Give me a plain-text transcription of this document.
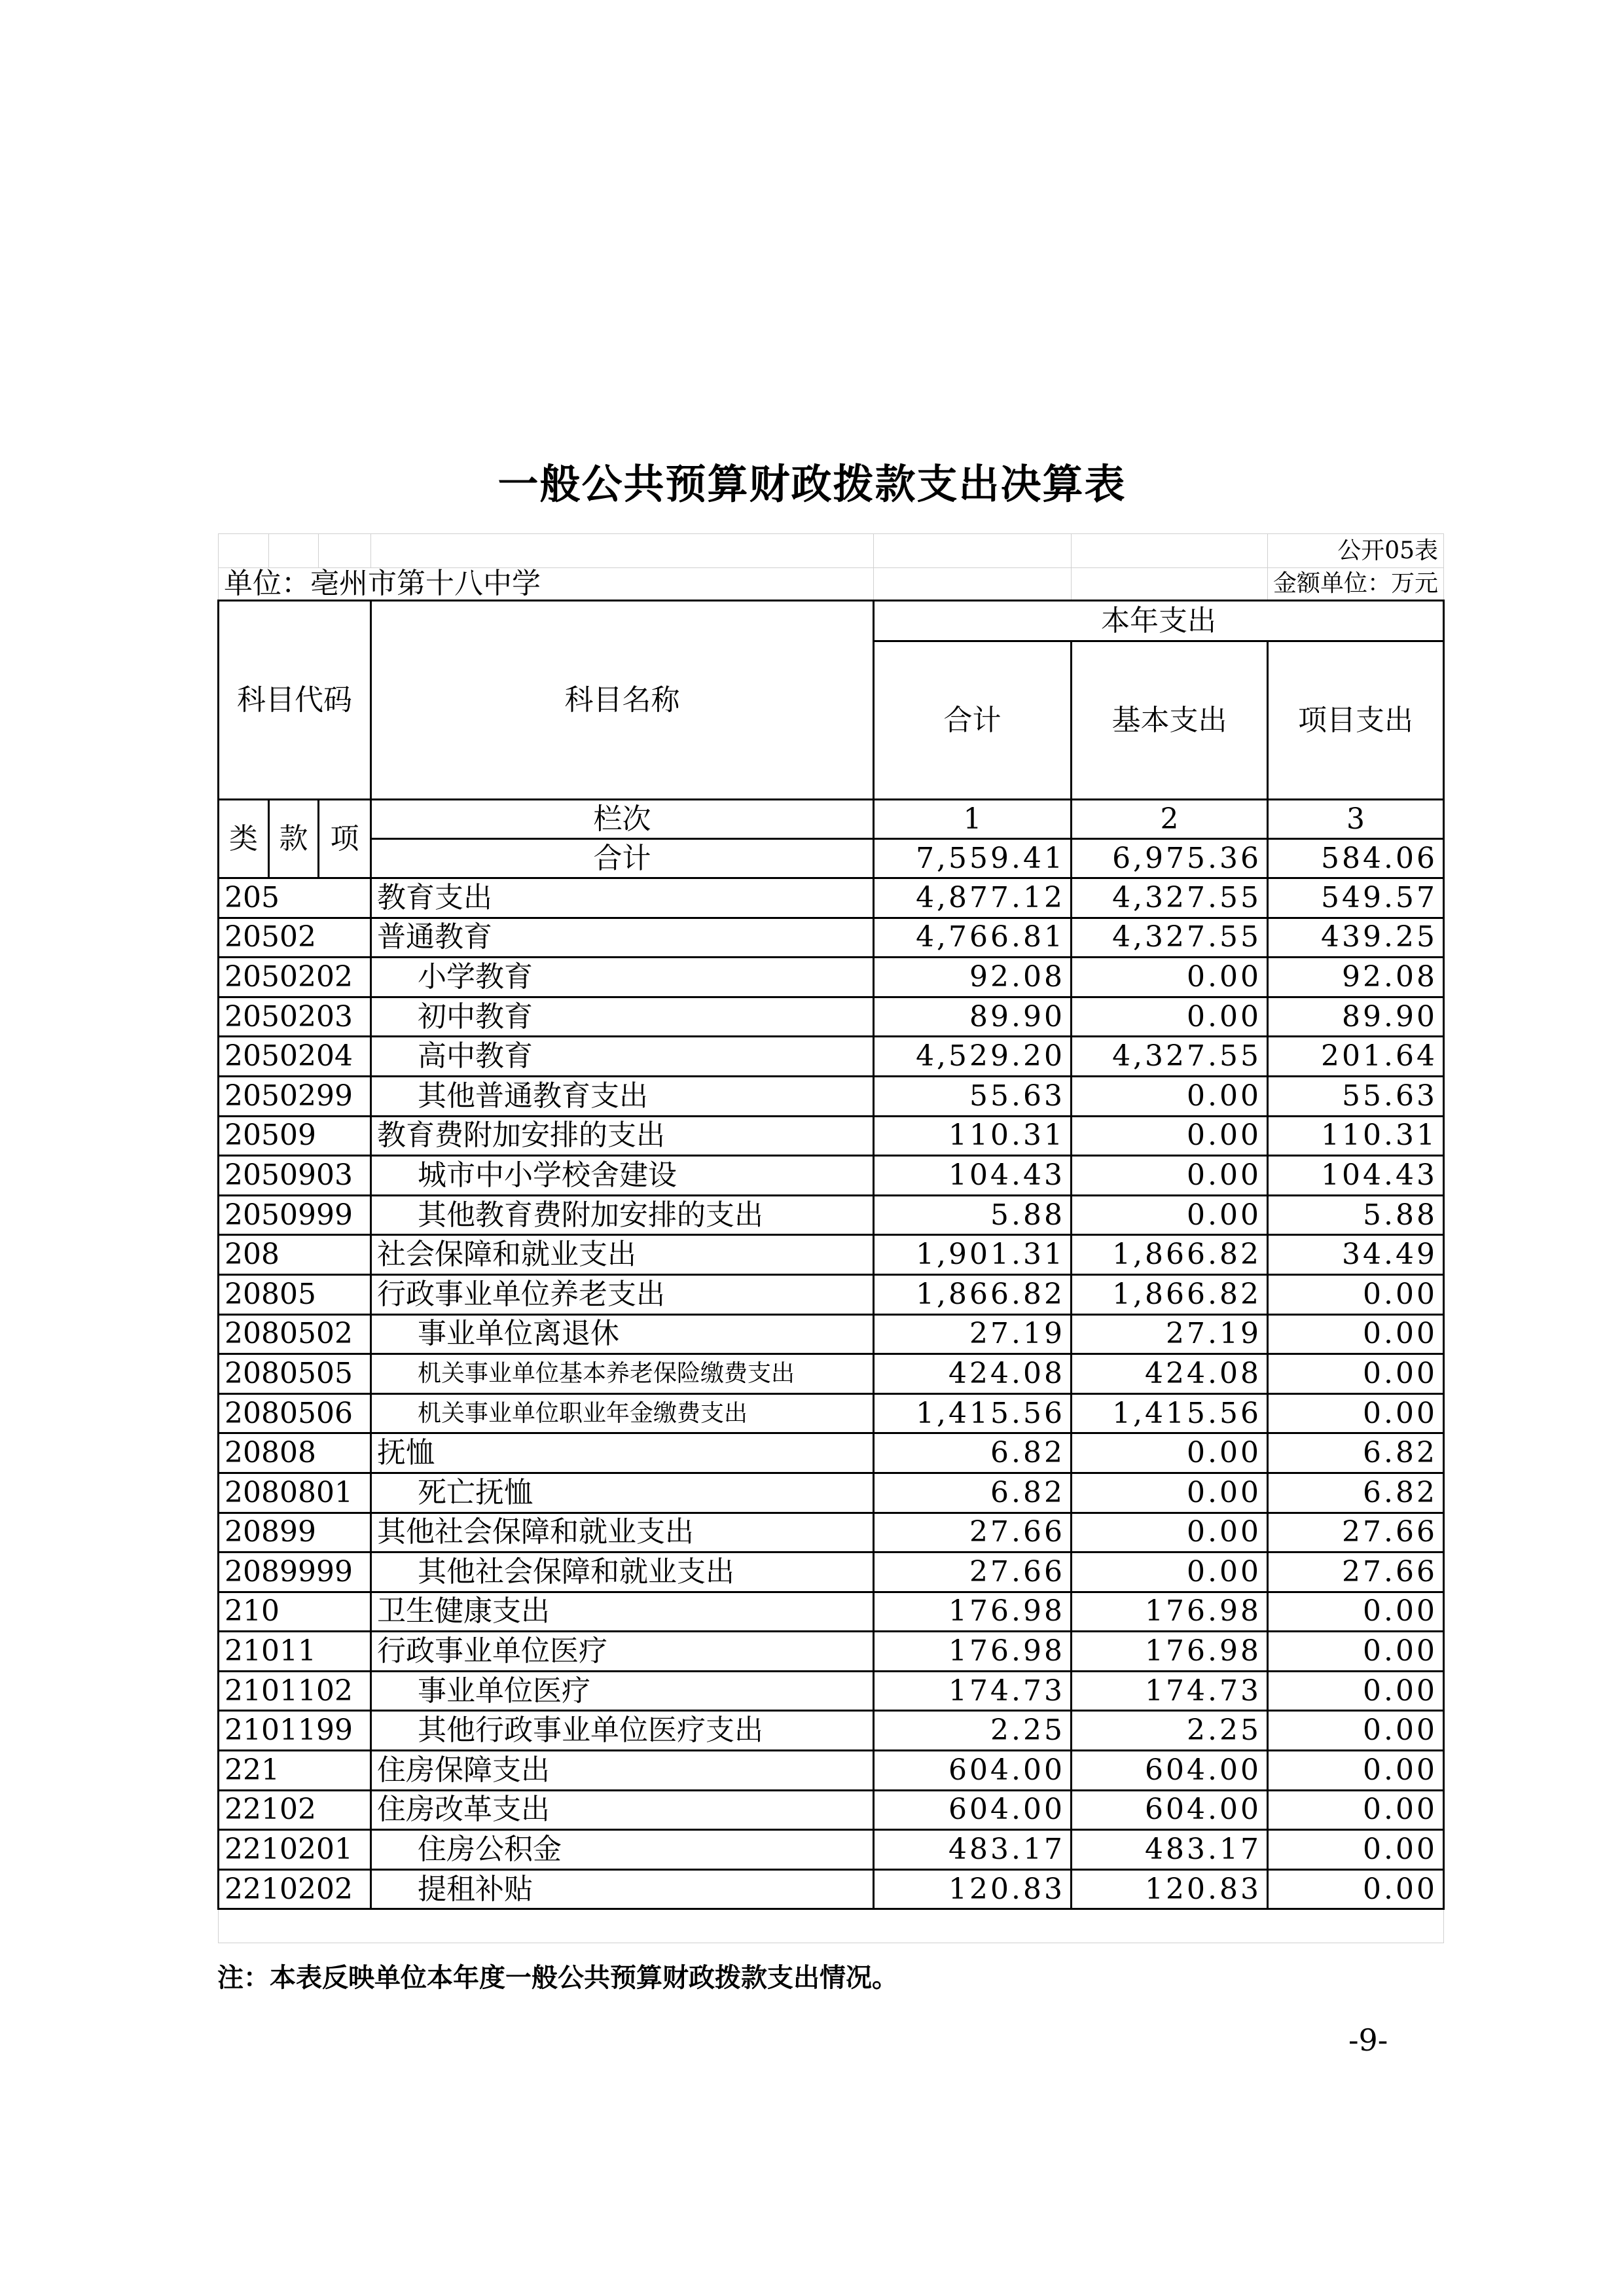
一般公共预算财政拨款支出决算表
						公开05表
单位：亳州市第十八中学						金额单位：万元
科目代码			科目名称	本年支出		
				合计	基本支出	项目支出
类	款	项	栏次	1	2	3
			合计	7,559.41	6,975.36	584.06
205			教育支出	4,877.12	4,327.55	549.57
20502			普通教育	4,766.81	4,327.55	439.25
2050202			小学教育	92.08	0.00	92.08
2050203			初中教育	89.90	0.00	89.90
2050204			高中教育	4,529.20	4,327.55	201.64
2050299			其他普通教育支出	55.63	0.00	55.63
20509			教育费附加安排的支出	110.31	0.00	110.31
2050903			城市中小学校舍建设	104.43	0.00	104.43
2050999			其他教育费附加安排的支出	5.88	0.00	5.88
208			社会保障和就业支出	1,901.31	1,866.82	34.49
20805			行政事业单位养老支出	1,866.82	1,866.82	0.00
2080502			事业单位离退休	27.19	27.19	0.00
2080505			机关事业单位基本养老保险缴费支出	424.08	424.08	0.00
2080506			机关事业单位职业年金缴费支出	1,415.56	1,415.56	0.00
20808			抚恤	6.82	0.00	6.82
2080801			死亡抚恤	6.82	0.00	6.82
20899			其他社会保障和就业支出	27.66	0.00	27.66
2089999			其他社会保障和就业支出	27.66	0.00	27.66
210			卫生健康支出	176.98	176.98	0.00
21011			行政事业单位医疗	176.98	176.98	0.00
2101102			事业单位医疗	174.73	174.73	0.00
2101199			其他行政事业单位医疗支出	2.25	2.25	0.00
221			住房保障支出	604.00	604.00	0.00
22102			住房改革支出	604.00	604.00	0.00
2210201			住房公积金	483.17	483.17	0.00
2210202			提租补贴	120.83	120.83	0.00

注：本表反映单位本年度一般公共预算财政拨款支出情况。
-9-
